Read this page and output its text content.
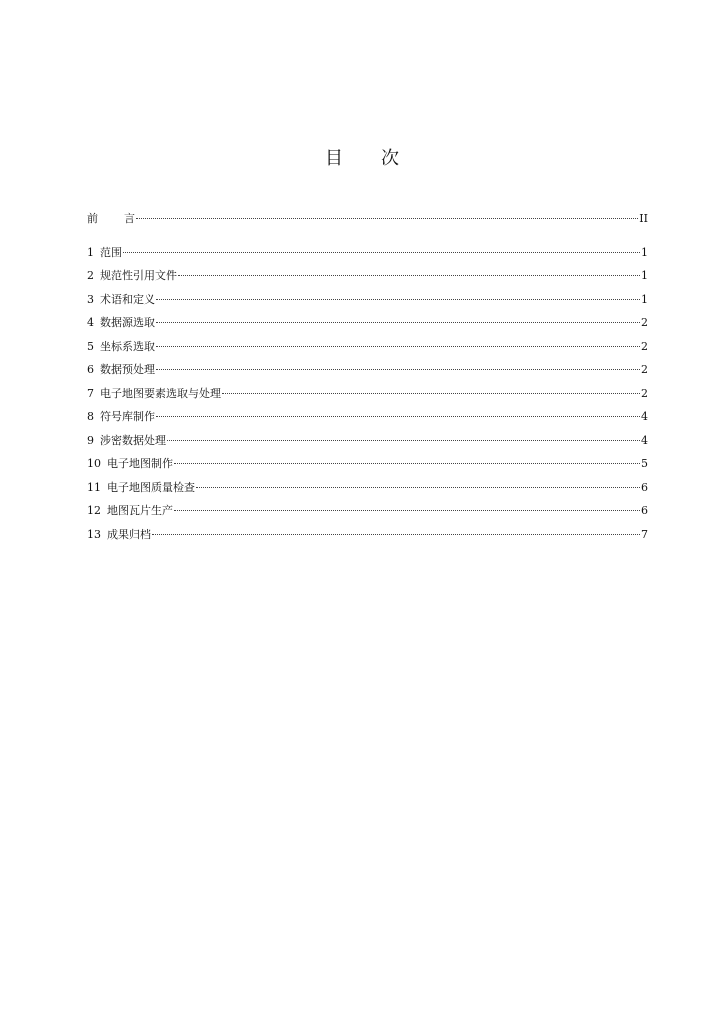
目 次
前 言	II
1 范围	1
2 规范性引用文件	1
3 术语和定义	1
4 数据源选取	2
5 坐标系选取	2
6 数据预处理	2
7 电子地图要素选取与处理	2
8 符号库制作	4
9 涉密数据处理	4
10 电子地图制作	5
11 电子地图质量检查	6
12 地图瓦片生产	6
13 成果归档	7
